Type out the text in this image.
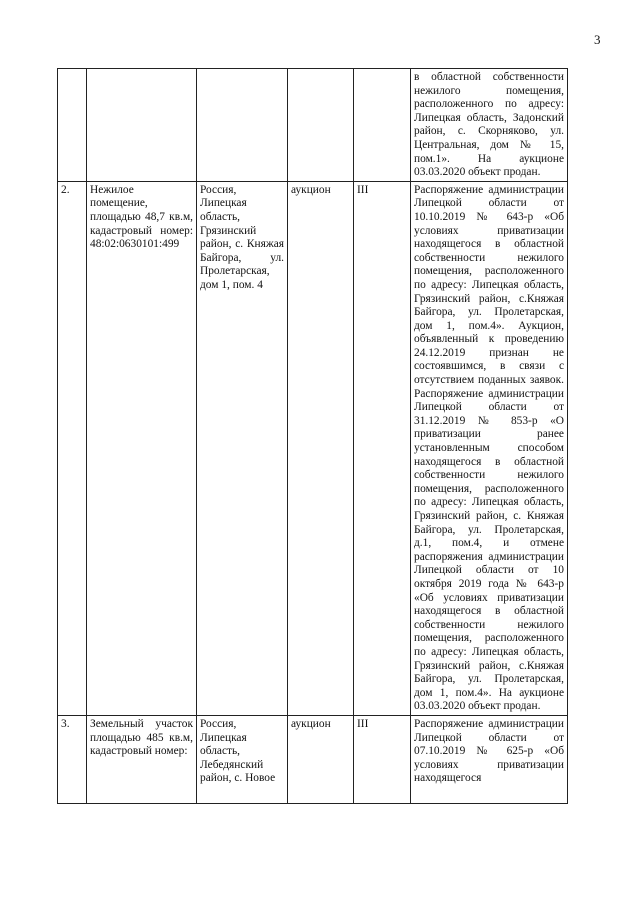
3
					в областной собственности нежилого помещения, расположенного по адресу: Липецкая область, Задонский район, с. Скорняково, ул. Центральная, дом № 15, пом.1». На аукционе 03.03.2020 объект продан.
2.	Нежилое помещение, площадью 48,7 кв.м, кадастровый номер: 48:02:0630101:499	Россия, Липецкая область, Грязинский район, с. Княжая Байгора, ул. Пролетарская, дом 1, пом. 4	аукцион	III	Распоряжение администрации Липецкой области от 10.10.2019 № 643-р «Об условиях приватизации находящегося в областной собственности нежилого помещения, расположенного по адресу: Липецкая область, Грязинский район, с.Княжая Байгора, ул. Пролетарская, дом 1, пом.4». Аукцион, объявленный к проведению 24.12.2019 признан не состоявшимся, в связи с отсутствием поданных заявок. Распоряжение администрации Липецкой области от 31.12.2019 № 853-р «О приватизации ранее установленным способом находящегося в областной собственности нежилого помещения, расположенного по адресу: Липецкая область, Грязинский район, с. Княжая Байгора, ул. Пролетарская, д.1, пом.4, и отмене распоряжения администрации Липецкой области от 10 октября 2019 года № 643-р «Об условиях приватизации находящегося в областной собственности нежилого помещения, расположенного по адресу: Липецкая область, Грязинский район, с.Княжая Байгора, ул. Пролетарская, дом 1, пом.4». На аукционе 03.03.2020 объект продан.
3.	Земельный участок площадью 485 кв.м, кадастровый номер:	Россия, Липецкая область, Лебедянский район, с. Новое	аукцион	III	Распоряжение администрации Липецкой области от 07.10.2019 № 625-р «Об условиях приватизации находящегося
